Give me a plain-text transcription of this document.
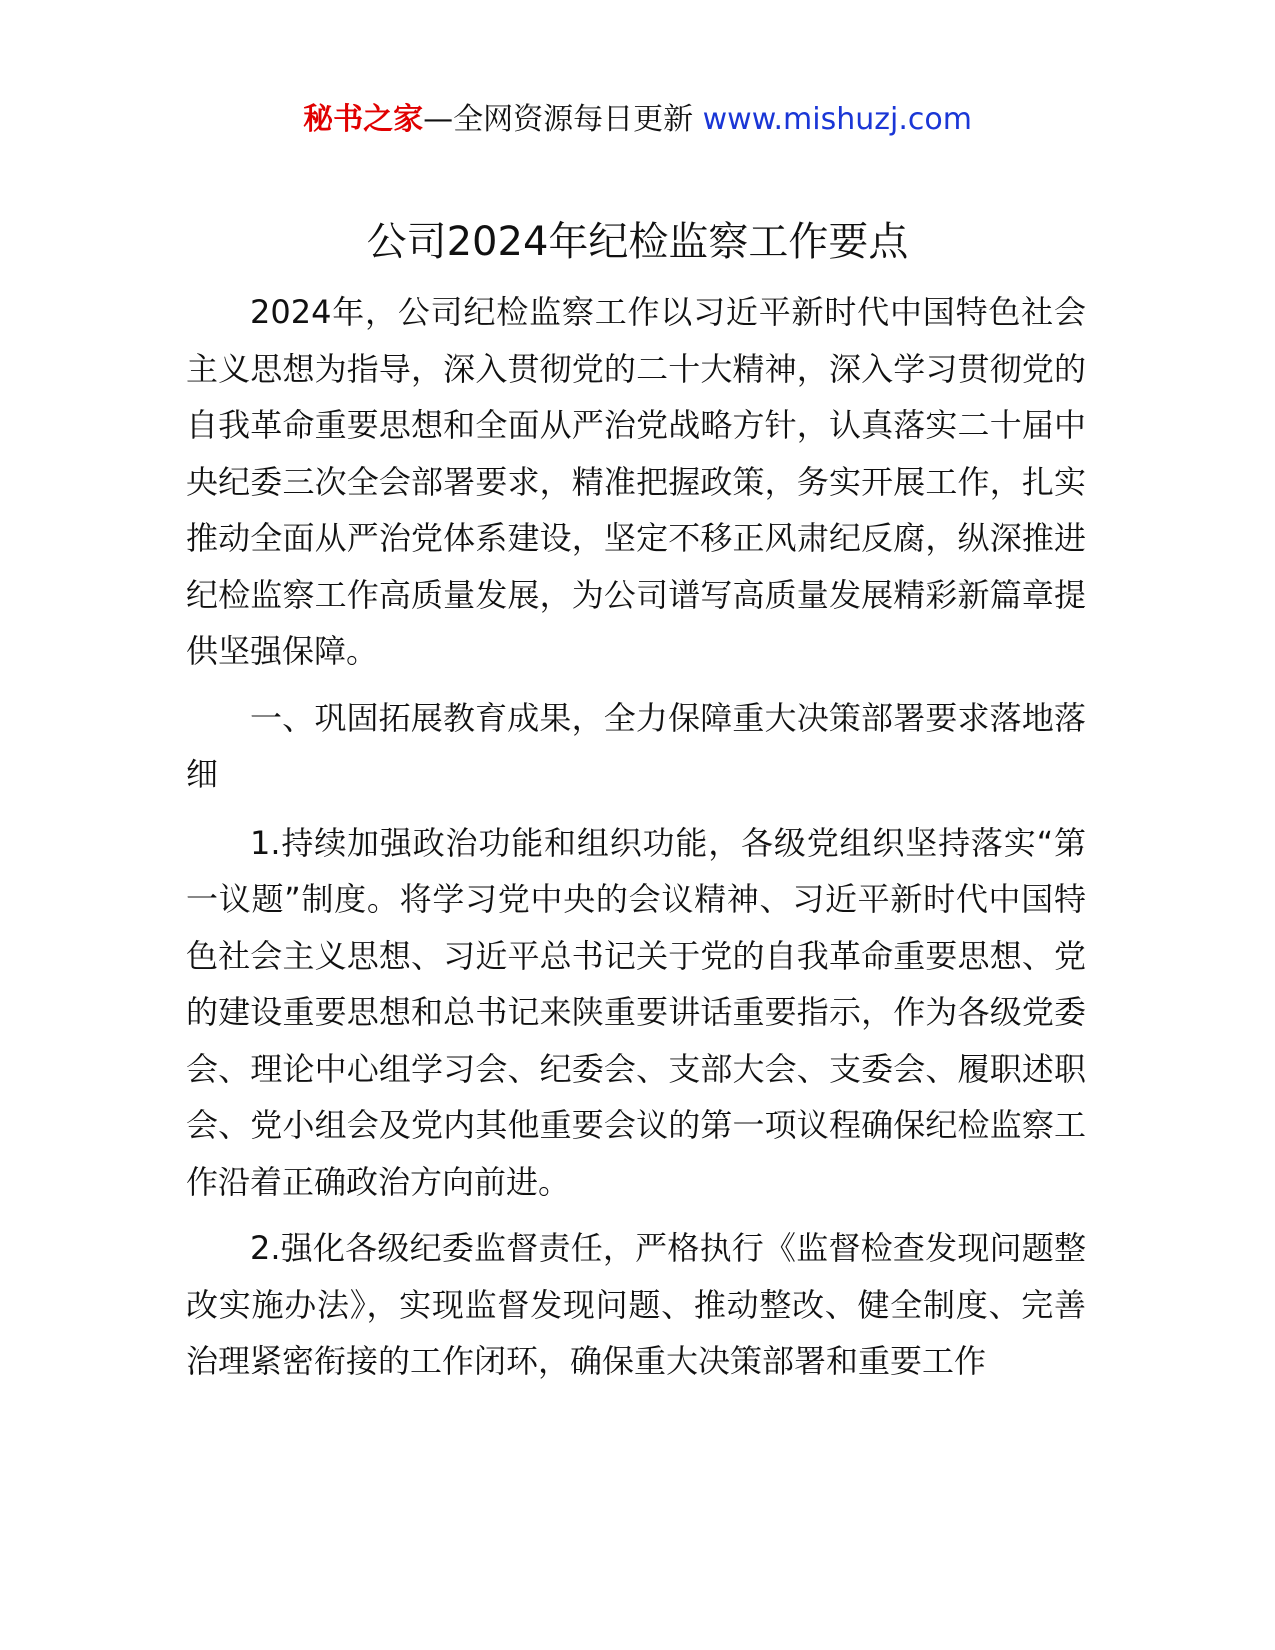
秘书之家—全网资源每日更新 www.mishuzj.com
公司2024年纪检监察工作要点

2024年，公司纪检监察工作以习近平新时代中国特色社会主义思想为指导，深入贯彻党的二十大精神，深入学习贯彻党的自我革命重要思想和全面从严治党战略方针，认真落实二十届中央纪委三次全会部署要求，精准把握政策，务实开展工作，扎实推动全面从严治党体系建设，坚定不移正风肃纪反腐，纵深推进纪检监察工作高质量发展，为公司谱写高质量发展精彩新篇章提供坚强保障。

一、巩固拓展教育成果，全力保障重大决策部署要求落地落细

1.持续加强政治功能和组织功能，各级党组织坚持落实“第一议题”制度。将学习党中央的会议精神、习近平新时代中国特色社会主义思想、习近平总书记关于党的自我革命重要思想、党的建设重要思想和总书记来陕重要讲话重要指示，作为各级党委会、理论中心组学习会、纪委会、支部大会、支委会、履职述职会、党小组会及党内其他重要会议的第一项议程确保纪检监察工作沿着正确政治方向前进。

2.强化各级纪委监督责任，严格执行《监督检查发现问题整改实施办法》，实现监督发现问题、推动整改、健全制度、完善治理紧密衔接的工作闭环，确保重大决策部署和重要工作
